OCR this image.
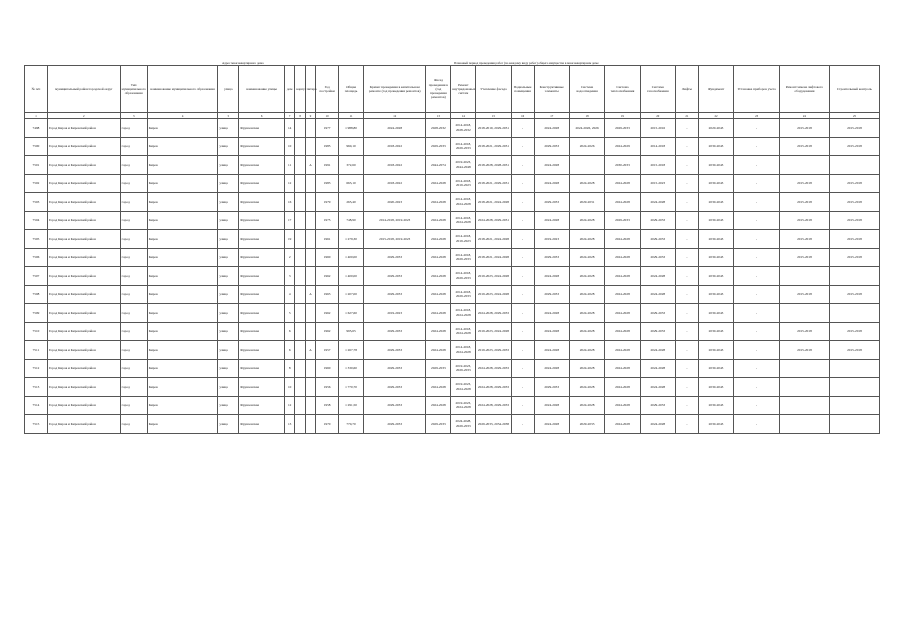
Адрес многоквартирного дома	Плановый период проведения работ (по каждому виду работ) общего имущества в многоквартирном доме
№ п/п	муниципальный район/городской округ	Тип муниципального образования	наименование муниципального образования	улица	наименование улицы	дом	корпус	литера	Год постройки	Общая площадь	Кризис проведения в капитальном ремонте (год проведения ремонтов)	Фасад проведения в (год проведения ремонтов)	Ремонт внутридомовых систем	Утепление фасада	Подвальные помещения	Конструктивные элементы	Система водоотведения	Система теплоснабжения	Система газоснабжения	Лифты	Фундамент	Установка приборов учета	Ремонт/замена лифтового оборудования	Строительный контроль
1	2	3	4	5	6	7	8	9	10	11	12	13	14	15	16	17	18	19	20	21	22	23	24	25
7498	Город Киров и Кировский район	город	Киров	улица	Фрунзенская	14			1977	1 988,80	2024-2028	2028-2032	2014-2018, 2028-2032	2018-2019, 2029-2031	-	2024-2028	2024-2026, 2026	2029-2033	2015-2016	-	2020-2043	-	2015-2018	2015-2018
7500	Город Киров и Кировский район	город	Киров	улица	Фрунзенская	10			1985	960,10	2018-2022	2029-2033	2014-2018, 2029-2033	2018-2021, 2029-2031	-	2029-2033	2024-2026	2024-2029	2014-2018	-	2030-2043	-	2015-2018	2015-2018
7501	Город Киров и Кировский район	город	Киров	улица	Фрунзенская	11		А	1991	372,60	2018-2022	2044-2074	2019-2023, 2044-2048	2018-2028, 2028-2031	-	2024-2028		2030-2033	2015-2018	-	2030-2043	-		
7502	Город Киров и Кировский район	город	Киров	улица	Фрунзенская	12			1983	663,10	2018-2022	2024-2028	2014-2018, 2019-2023	2018-2021, 2029-2031	-	2024-2028	2024-2028	2024-2028	2015-2023	-	2030-2043	-	2015-2018	2015-2018
7503	Город Киров и Кировский район	город	Киров	улица	Фрунзенская	16			1979	265,40	2020-2023	2024-2028	2014-2018, 2024-2028	2018-2021, 2024-2028	-	2029-2033	2029-2031	2024-2028	2024-2028	-	2030-2043	-	2015-2018	2015-2018
7504	Город Киров и Кировский район	город	Киров	улица	Фрунзенская	17			1975	748,90	2014-2018, 2019-2023	2024-2028	2014-2018, 2024-2028	2024-2028, 2029-2031	-	2024-2028	2024-2028	2029-2033	2029-2033	-	2030-2043	-	2015-2018	2015-2018
7505	Город Киров и Кировский район	город	Киров	улица	Фрунзенская	19			1961	1 279,30	2015-2018, 2019-2023	2024-2028	2014-2018, 2019-2023	2018-2021, 2024-2028	-	2019-2023	2024-2028	2024-2028	2029-2033	-	2030-2043	-	2015-2018	2015-2018
7506	Город Киров и Кировский район	город	Киров	улица	Фрунзенская	2			1960	1 400,00	2029-2033	2024-2028	2014-2018, 2029-2033	2018-2021, 2024-2028	-	2029-2033	2024-2028	2024-2028	2029-2033	-	2030-2043	-	2015-2018	2015-2018
7507	Город Киров и Кировский район	город	Киров	улица	Фрунзенская	3			1962	1 400,00	2029-2033	2024-2028	2014-2018, 2029-2033	2019-2023, 2024-2028	-	2024-2028	2024-2028	2024-2028	2024-2028	-	2030-2043	-		
7508	Город Киров и Кировский район	город	Киров	улица	Фрунзенская	4		А	1963	1 207,00	2029-2033	2024-2028	2014-2018, 2029-2033	2019-2023, 2024-2028	-	2029-2033	2024-2028	2024-2028	2024-2028	-	2030-2043	-	2015-2018	2015-2018
7509	Город Киров и Кировский район	город	Киров	улица	Фрунзенская	5			1962	1 627,60	2019-2023	2024-2028	2014-2018, 2024-2028	2024-2028, 2029-2033	-	2024-2028	2024-2028	2024-2028	2029-2033	-	2030-2043	-		
7510	Город Киров и Кировский район	город	Киров	улица	Фрунзенская	6			1962	995,65	2029-2033	2024-2028	2014-2018, 2024-2028	2019-2023, 2024-2028	-	2024-2028	2024-2028	2024-2028	2029-2033	-	2030-2043	-	2015-2018	2015-2018
7511	Город Киров и Кировский район	город	Киров	улица	Фрунзенская	6		А	1957	1 267,78	2029-2033	2024-2028	2014-2018, 2024-2028	2019-2023, 2029-2033	-	2024-2028	2024-2028	2024-2028	2024-2028	-	2030-2043	-	2015-2018	2015-2018
7512	Город Киров и Кировский район	город	Киров	улица	Фрунзенская	8			1960	1 330,60	2029-2033	2029-2033	2019-2023, 2029-2033	2024-2028, 2029-2033	-	2024-2028	2024-2028	2024-2028	2024-2028	-	2030-2043	-		
7513	Город Киров и Кировский район	город	Киров	улица	Фрунзенская	10			1956	1 770,70	2029-2033	2024-2028	2019-2023, 2024-2028	2024-2028, 2029-2033	-	2029-2033	2024-2028	2024-2028	2024-2028	-	2030-2043	-		
7514	Город Киров и Кировский район	город	Киров	улица	Фрунзенская	12			1958	1 291,50	2029-2033	2024-2028	2019-2023, 2024-2028	2024-2028, 2029-2033	-	2024-2028	2024-2028	2024-2028	2029-2033	-	2030-2043	-		
7515	Город Киров и Кировский район	город	Киров	улица	Фрунзенская	13			1970	770,70	2029-2033	2029-2033	2024-2028, 2029-2033	2029-2033, 2034-2038	-	2024-2028	2029-2033	2024-2028	2024-2028	-	2030-2043	-		
